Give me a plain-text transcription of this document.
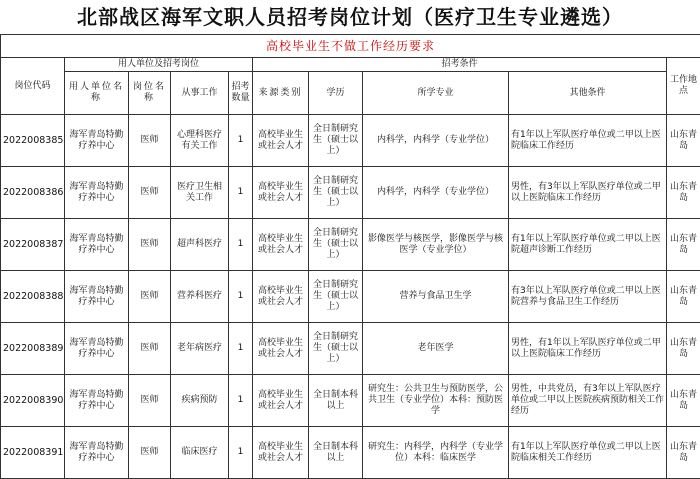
北部战区海军文职人员招考岗位计划（医疗卫生专业遴选）
高校毕业生不做工作经历要求									
岗位代码	用人单位及招考岗位				招考条件				工作地点
	用人单位名称	岗位名称	从事工作	招考数量	来源类别	学历	所学专业	其他条件	
2022008385	海军青岛特勤疗养中心	医师	心理科医疗有关工作	1	高校毕业生或社会人才	全日制研究生（硕士以上）	内科学，内科学（专业学位）	有1年以上军队医疗单位或二甲以上医院临床工作经历	山东青岛
2022008386	海军青岛特勤疗养中心	医师	医疗卫生相关工作	1	高校毕业生或社会人才	全日制研究生（硕士以上）	内科学，内科学（专业学位）	男性，有3年以上军队医疗单位或二甲以上医院临床工作经历	山东青岛
2022008387	海军青岛特勤疗养中心	医师	超声科医疗	1	高校毕业生或社会人才	全日制研究生（硕士以上）	影像医学与核医学，影像医学与核医学（专业学位）	有1年以上军队医疗单位或二甲以上医院超声诊断工作经历	山东青岛
2022008388	海军青岛特勤疗养中心	医师	营养科医疗	1	高校毕业生或社会人才	全日制研究生（硕士以上）	营养与食品卫生学	有3年以上军队医疗单位或二甲以上医院营养与食品卫生工作经历	山东青岛
2022008389	海军青岛特勤疗养中心	医师	老年病医疗	1	高校毕业生或社会人才	全日制研究生（硕士以上）	老年医学	男性，有1年以上军队医疗单位或二甲以上医院临床工作经历	山东青岛
2022008390	海军青岛特勤疗养中心	医师	疾病预防	1	高校毕业生或社会人才	全日制本科以上	研究生：公共卫生与预防医学，公共卫生（专业学位）本科：预防医学	男性，中共党员，有3年以上军队医疗单位或二甲以上医院疾病预防相关工作经历	山东青岛
2022008391	海军青岛特勤疗养中心	医师	临床医疗	1	高校毕业生或社会人才	全日制本科以上	研究生：内科学，内科学（专业学位）本科：临床医学	有1年以上军队医疗单位或二甲以上医院临床相关工作经历	山东青岛
